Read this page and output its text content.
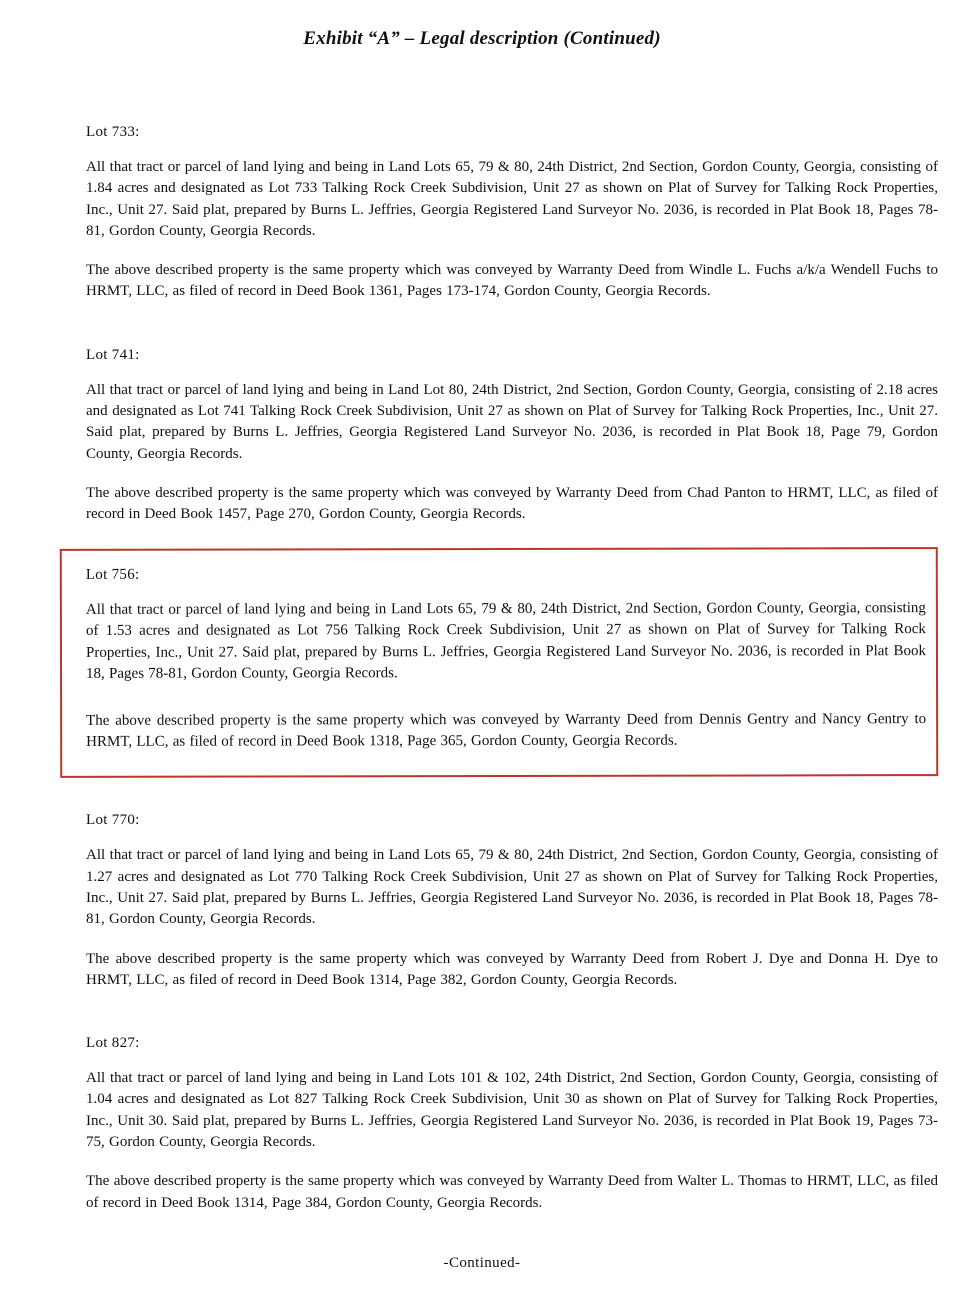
Exhibit “A” – Legal description (Continued)

Lot 733:

All that tract or parcel of land lying and being in Land Lots 65, 79 & 80, 24th District, 2nd Section, Gordon County, Georgia, consisting of 1.84 acres and designated as Lot 733 Talking Rock Creek Subdivision, Unit 27 as shown on Plat of Survey for Talking Rock Properties, Inc., Unit 27. Said plat, prepared by Burns L. Jeffries, Georgia Registered Land Surveyor No. 2036, is recorded in Plat Book 18, Pages 78-81, Gordon County, Georgia Records.

The above described property is the same property which was conveyed by Warranty Deed from Windle L. Fuchs a/k/a Wendell Fuchs to HRMT, LLC, as filed of record in Deed Book 1361, Pages 173-174, Gordon County, Georgia Records.

Lot 741:

All that tract or parcel of land lying and being in Land Lot 80, 24th District, 2nd Section, Gordon County, Georgia, consisting of 2.18 acres and designated as Lot 741 Talking Rock Creek Subdivision, Unit 27 as shown on Plat of Survey for Talking Rock Properties, Inc., Unit 27. Said plat, prepared by Burns L. Jeffries, Georgia Registered Land Surveyor No. 2036, is recorded in Plat Book 18, Page 79, Gordon County, Georgia Records.

The above described property is the same property which was conveyed by Warranty Deed from Chad Panton to HRMT, LLC, as filed of record in Deed Book 1457, Page 270, Gordon County, Georgia Records.

Lot 756:

All that tract or parcel of land lying and being in Land Lots 65, 79 & 80, 24th District, 2nd Section, Gordon County, Georgia, consisting of 1.53 acres and designated as Lot 756 Talking Rock Creek Subdivision, Unit 27 as shown on Plat of Survey for Talking Rock Properties, Inc., Unit 27. Said plat, prepared by Burns L. Jeffries, Georgia Registered Land Surveyor No. 2036, is recorded in Plat Book 18, Pages 78-81, Gordon County, Georgia Records.

The above described property is the same property which was conveyed by Warranty Deed from Dennis Gentry and Nancy Gentry to HRMT, LLC, as filed of record in Deed Book 1318, Page 365, Gordon County, Georgia Records.

Lot 770:

All that tract or parcel of land lying and being in Land Lots 65, 79 & 80, 24th District, 2nd Section, Gordon County, Georgia, consisting of 1.27 acres and designated as Lot 770 Talking Rock Creek Subdivision, Unit 27 as shown on Plat of Survey for Talking Rock Properties, Inc., Unit 27. Said plat, prepared by Burns L. Jeffries, Georgia Registered Land Surveyor No. 2036, is recorded in Plat Book 18, Pages 78-81, Gordon County, Georgia Records.

The above described property is the same property which was conveyed by Warranty Deed from Robert J. Dye and Donna H. Dye to HRMT, LLC, as filed of record in Deed Book 1314, Page 382, Gordon County, Georgia Records.

Lot 827:

All that tract or parcel of land lying and being in Land Lots 101 & 102, 24th District, 2nd Section, Gordon County, Georgia, consisting of 1.04 acres and designated as Lot 827 Talking Rock Creek Subdivision, Unit 30 as shown on Plat of Survey for Talking Rock Properties, Inc., Unit 30. Said plat, prepared by Burns L. Jeffries, Georgia Registered Land Surveyor No. 2036, is recorded in Plat Book 19, Pages 73-75, Gordon County, Georgia Records.

The above described property is the same property which was conveyed by Warranty Deed from Walter L. Thomas to HRMT, LLC, as filed of record in Deed Book 1314, Page 384, Gordon County, Georgia Records.

-Continued-
